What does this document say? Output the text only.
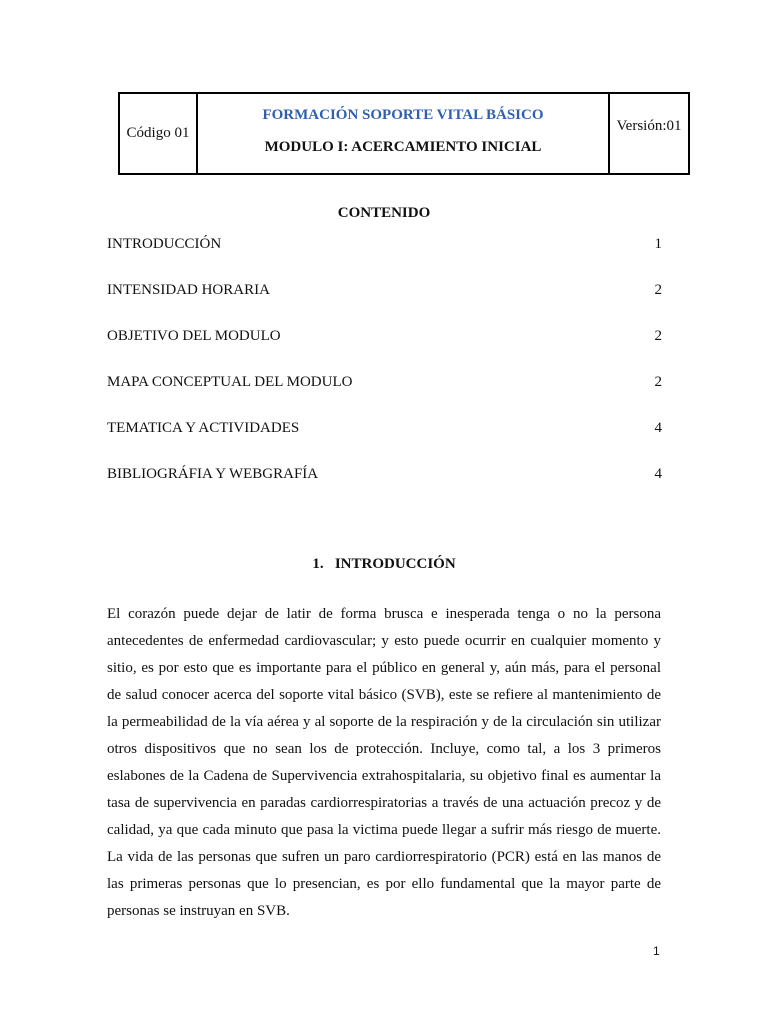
Código 01	
FORMACIÓN SOPORTE VITAL BÁSICO
MODULO I: ACERCAMIENTO INICIAL
	Versión:01
CONTENIDO
INTRODUCCIÓN	1
INTENSIDAD HORARIA	2
OBJETIVO DEL MODULO	2
MAPA CONCEPTUAL DEL MODULO	2
TEMATICA Y ACTIVIDADES	4
BIBLIOGRÁFIA Y WEBGRAFÍA	4
1.   INTRODUCCIÓN

El corazón puede dejar de latir de forma brusca e inesperada tenga o no la persona antecedentes de enfermedad cardiovascular; y esto puede ocurrir en cualquier momento y sitio, es por esto que es importante para el público en general y, aún más, para el personal de salud conocer acerca del soporte vital básico (SVB), este se refiere al mantenimiento de la permeabilidad de la vía aérea y al soporte de la respiración y de la circulación sin utilizar otros dispositivos que no sean los de protección. Incluye, como tal, a los 3 primeros eslabones de la Cadena de Supervivencia extrahospitalaria, su objetivo final es aumentar la tasa de supervivencia en paradas cardiorrespiratorias a través de una actuación precoz y de calidad, ya que cada minuto que pasa la victima puede llegar a sufrir más riesgo de muerte. La vida de las personas que sufren un paro cardiorrespiratorio (PCR) está en las manos de las primeras personas que lo presencian, es por ello fundamental que la mayor parte de personas se instruyan en SVB.

1
